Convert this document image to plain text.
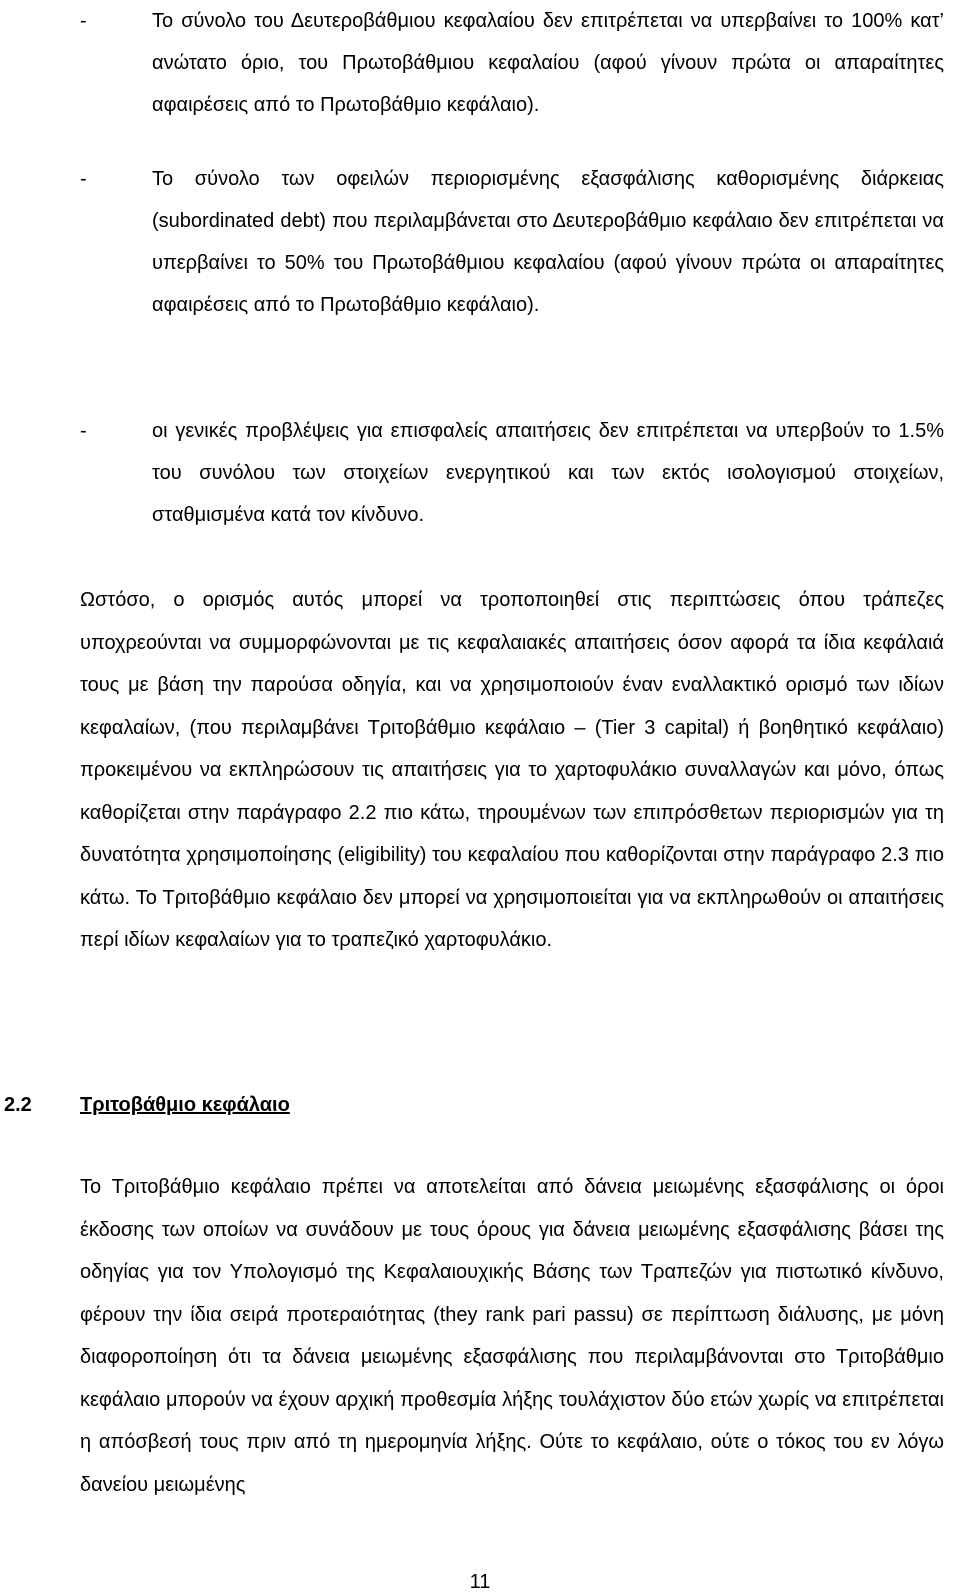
-	Το σύνολο του Δευτεροβάθμιου κεφαλαίου δεν επιτρέπεται να υπερβαίνει το 100% κατ’ ανώτατο όριο, του Πρωτοβάθμιου κεφαλαίου (αφού γίνουν πρώτα οι απαραίτητες αφαιρέσεις από το Πρωτοβάθμιο κεφάλαιο).
-	Το σύνολο των οφειλών περιορισμένης εξασφάλισης καθορισμένης διάρκειας (subordinated debt) που περιλαμβάνεται στο Δευτεροβάθμιο κεφάλαιο δεν επιτρέπεται να υπερβαίνει το 50% του Πρωτοβάθμιου κεφαλαίου (αφού γίνουν πρώτα οι απαραίτητες αφαιρέσεις από το Πρωτοβάθμιο κεφάλαιο).
-	οι γενικές προβλέψεις για επισφαλείς απαιτήσεις δεν επιτρέπεται να υπερβούν το 1.5% του συνόλου των στοιχείων ενεργητικού και των εκτός ισολογισμού στοιχείων, σταθμισμένα κατά τον κίνδυνο.

Ωστόσο, ο ορισμός αυτός μπορεί να τροποποιηθεί στις περιπτώσεις όπου τράπεζες υποχρεούνται να συμμορφώνονται με τις κεφαλαιακές απαιτήσεις όσον αφορά τα ίδια κεφάλαιά τους με βάση την παρούσα οδηγία, και να χρησιμοποιούν έναν εναλλακτικό ορισμό των ιδίων κεφαλαίων, (που περιλαμβάνει Τριτοβάθμιο κεφάλαιο – (Tier 3 capital) ή βοηθητικό κεφάλαιο) προκειμένου να εκπληρώσουν τις απαιτήσεις για το χαρτοφυλάκιο συναλλαγών και μόνο, όπως καθορίζεται στην παράγραφο 2.2 πιο κάτω, τηρουμένων των επιπρόσθετων περιορισμών για τη δυνατότητα χρησιμοποίησης (eligibility) του κεφαλαίου που καθορίζονται στην παράγραφο 2.3 πιο κάτω. Το Τριτοβάθμιο κεφάλαιο δεν μπορεί να χρησιμοποιείται για να εκπληρωθούν οι απαιτήσεις περί ιδίων κεφαλαίων για το τραπεζικό χαρτοφυλάκιο.

2.2 Τριτοβάθμιο κεφάλαιο

Το Τριτοβάθμιο κεφάλαιο πρέπει να αποτελείται από δάνεια μειωμένης εξασφάλισης οι όροι έκδοσης των οποίων να συνάδουν με τους όρους για δάνεια μειωμένης εξασφάλισης βάσει της οδηγίας για τον Υπολογισμό της Κεφαλαιουχικής Βάσης των Τραπεζών για πιστωτικό κίνδυνο, φέρουν την ίδια σειρά προτεραιότητας (they rank pari passu) σε περίπτωση διάλυσης, με μόνη διαφοροποίηση ότι τα δάνεια μειωμένης εξασφάλισης που περιλαμβάνονται στο Τριτοβάθμιο κεφάλαιο μπορούν να έχουν αρχική προθεσμία λήξης τουλάχιστον δύο ετών χωρίς να επιτρέπεται η απόσβεσή τους πριν από τη ημερομηνία λήξης. Ούτε το κεφάλαιο, ούτε ο τόκος του εν λόγω δανείου μειωμένης

11
